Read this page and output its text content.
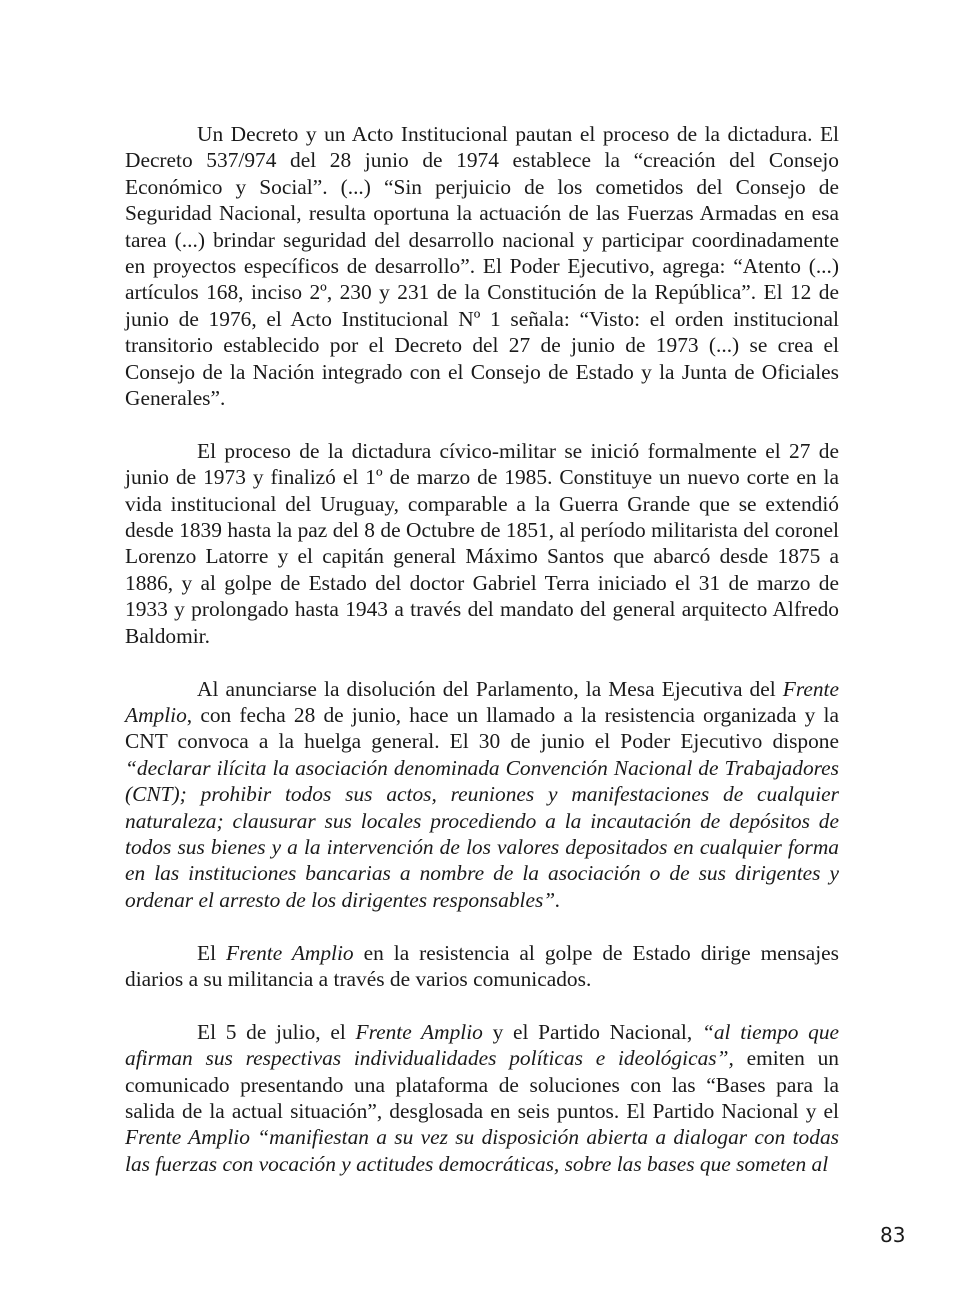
Un Decreto y un Acto Institucional pautan el proceso de la dictadura. El Decreto 537/974 del 28 junio de 1974 establece la “creación del Consejo Económico y Social”. (...) “Sin perjuicio de los cometidos del Consejo de Seguridad Nacional, resulta oportuna la actuación de las Fuerzas Armadas en esa tarea (...) brindar seguridad del desarrollo nacional y participar coordinadamente en proyectos específicos de desarrollo”. El Poder Ejecutivo, agrega: “Atento (...) artículos 168, inciso 2º, 230 y 231 de la Constitución de la República”. El 12 de junio de 1976, el Acto Institucional Nº 1 señala: “Visto: el orden institucional transitorio establecido por el Decreto del 27 de junio de 1973 (...) se crea el Consejo de la Nación integrado con el Consejo de Estado y la Junta de Oficiales Generales”.

El proceso de la dictadura cívico-militar se inició formalmente el 27 de junio de 1973 y finalizó el 1º de marzo de 1985. Constituye un nuevo corte en la vida institucional del Uruguay, comparable a la Guerra Grande que se extendió desde 1839 hasta la paz del 8 de Octubre de 1851, al período militarista del coronel Lorenzo Latorre y el capitán general Máximo Santos que abarcó desde 1875 a 1886, y al golpe de Estado del doctor Gabriel Terra iniciado el 31 de marzo de 1933 y prolongado hasta 1943 a través del mandato del general arquitecto Alfredo Baldomir.

Al anunciarse la disolución del Parlamento, la Mesa Ejecutiva del Frente Amplio, con fecha 28 de junio, hace un llamado a la resistencia organizada y la CNT convoca a la huelga general. El 30 de junio el Poder Ejecutivo dispone “declarar ilícita la asociación denominada Convención Nacional de Trabajadores (CNT); prohibir todos sus actos, reuniones y manifestaciones de cualquier naturaleza; clausurar sus locales procediendo a la incautación de depósitos de todos sus bienes y a la intervención de los valores depositados en cualquier forma en las instituciones bancarias a nombre de la asociación o de sus dirigentes y ordenar el arresto de los dirigentes responsables”.

El Frente Amplio en la resistencia al golpe de Estado dirige mensajes diarios a su militancia a través de varios comunicados.

El 5 de julio, el Frente Amplio y el Partido Nacional, “al tiempo que afirman sus respectivas individualidades políticas e ideológicas”, emiten un comunicado presentando una plataforma de soluciones con las “Bases para la salida de la actual situación”, desglosada en seis puntos. El Partido Nacional y el Frente Amplio “manifiestan a su vez su disposición abierta a dialogar con todas las fuerzas con vocación y actitudes democráticas, sobre las bases que someten al

83
